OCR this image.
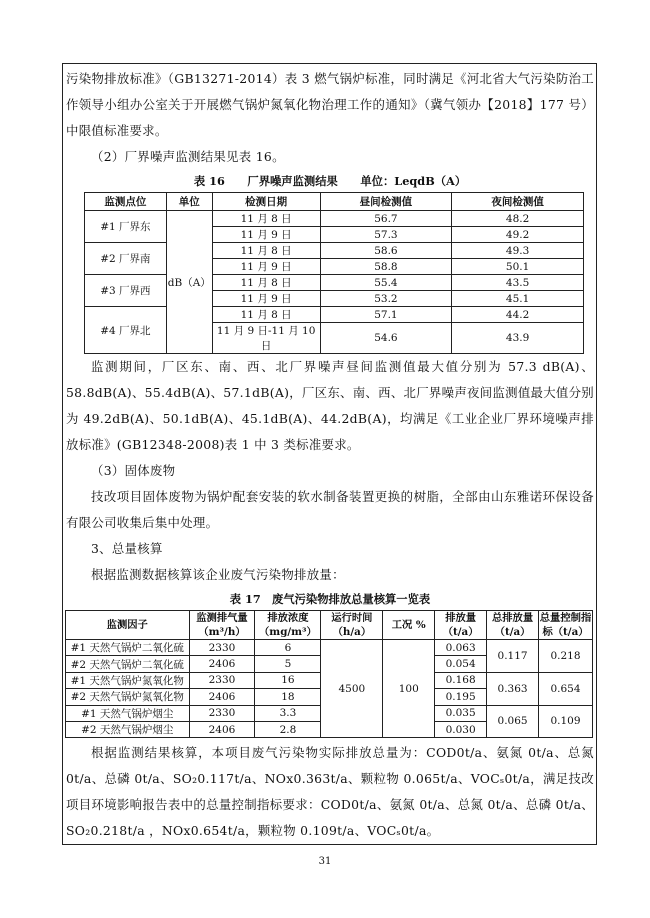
污染物排放标准》（GB13271-2014）表 3 燃气锅炉标准，同时满足《河北省大气污染防治工作领导小组办公室关于开展燃气锅炉氮氧化物治理工作的通知》（冀气领办【2018】177 号）中限值标准要求。

（2）厂界噪声监测结果见表 16。

表 16　　厂界噪声监测结果　　单位：LeqdB（A）
监测点位	单位	检测日期	昼间检测值	夜间检测值
#1 厂界东	dB（A）	11 月 8 日	56.7	48.2
		11 月 9 日	57.3	49.2
#2 厂界南		11 月 8 日	58.6	49.3
		11 月 9 日	58.8	50.1
#3 厂界西		11 月 8 日	55.4	43.5
		11 月 9 日	53.2	45.1
#4 厂界北		11 月 8 日	57.1	44.2
		11 月 9 日-11 月 10 日	54.6	43.9

监测期间，厂区东、南、西、北厂界噪声昼间监测值最大值分别为 57.3 dB(A)、58.8dB(A)、55.4dB(A)、57.1dB(A)，厂区东、南、西、北厂界噪声夜间监测值最大值分别为 49.2dB(A)、50.1dB(A)、45.1dB(A)、44.2dB(A)，均满足《工业企业厂界环境噪声排放标准》(GB12348-2008)表 1 中 3 类标准要求。

（3）固体废物

技改项目固体废物为锅炉配套安装的软水制备装置更换的树脂，全部由山东雅诺环保设备有限公司收集后集中处理。

3、总量核算

根据监测数据核算该企业废气污染物排放量：

表 17　废气污染物排放总量核算一览表
监测因子	监测排气量（m³/h）	排放浓度（mg/m³）	运行时间（h/a）	工况 %	排放量（t/a）	总排放量（t/a）	总量控制指标（t/a）
#1 天然气锅炉二氧化硫	2330	6	4500	100	0.063	0.117	0.218
#2 天然气锅炉二氧化硫	2406	5			0.054		
#1 天然气锅炉氮氧化物	2330	16			0.168	0.363	0.654
#2 天然气锅炉氮氧化物	2406	18			0.195		
#1 天然气锅炉烟尘	2330	3.3			0.035	0.065	0.109
#2 天然气锅炉烟尘	2406	2.8			0.030		

根据监测结果核算，本项目废气污染物实际排放总量为：COD0t/a、氨氮 0t/a、总氮 0t/a、总磷 0t/a、SO₂0.117t/a、NOx0.363t/a、颗粒物 0.065t/a、VOCₛ0t/a，满足技改项目环境影响报告表中的总量控制指标要求：COD0t/a、氨氮 0t/a、总氮 0t/a、总磷 0t/a、SO₂0.218t/a ，NOx0.654t/a，颗粒物 0.109t/a、VOCₛ0t/a。

31
